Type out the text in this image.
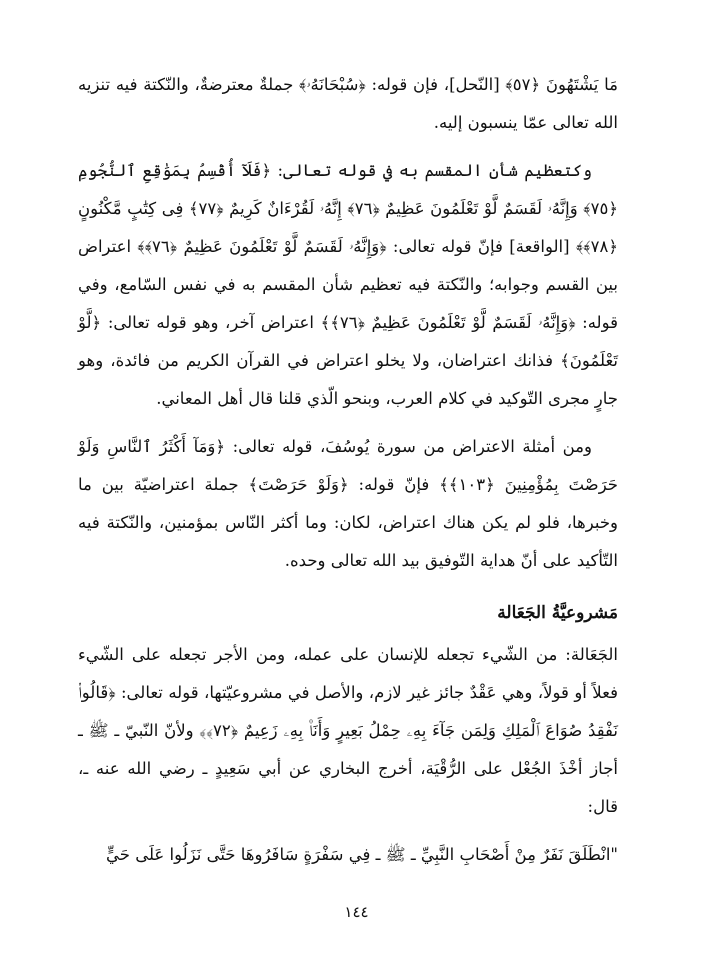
مَا يَشْتَهُونَ ﴿٥٧﴾ [النّحل]، فإن قوله: ﴿سُبْحَانَهُۥ﴾ جملةٌ معترضةٌ، والنّكتة فيه تنزيه الله تعالى عمّا ينسبون إليه.

وكتعظيم شأن المقسم به في قوله تعالى: ﴿فَلَآ أُقْسِمُ بِمَوَٰقِعِ ٱلنُّجُومِ ﴿٧٥﴾ وَإِنَّهُۥ لَقَسَمٌ لَّوْ تَعْلَمُونَ عَظِيمٌ ﴿٧٦﴾ إِنَّهُۥ لَقُرْءَانٌ كَرِيمٌ ﴿٧٧﴾ فِى كِتَٰبٍ مَّكْنُونٍ ﴿٧٨﴾﴾ [الواقعة] فإنّ قوله تعالى: ﴿وَإِنَّهُۥ لَقَسَمٌ لَّوْ تَعْلَمُونَ عَظِيمٌ ﴿٧٦﴾﴾ اعتراض بين القسم وجوابه؛ والنّكتة فيه تعظيم شأن المقسم به في نفس السّامع، وفي قوله: ﴿وَإِنَّهُۥ لَقَسَمٌ لَّوْ تَعْلَمُونَ عَظِيمٌ ﴿٧٦﴾﴾ اعتراض آخر، وهو قوله تعالى: ﴿لَّوْ تَعْلَمُونَ﴾ فذانك اعتراضان، ولا يخلو اعتراض في القرآن الكريم من فائدة، وهو جارٍ مجرى التّوكيد في كلام العرب، وبنحو الّذي قلنا قال أهل المعاني.

ومن أمثلة الاعتراض من سورة يُوسُفَ، قوله تعالى: ﴿وَمَآ أَكْثَرُ ٱلنَّاسِ وَلَوْ حَرَصْتَ بِمُؤْمِنِينَ ﴿١٠٣﴾﴾ فإنّ قوله: ﴿وَلَوْ حَرَصْتَ﴾ جملة اعتراضيّة بين ما وخبرها، فلو لم يكن هناك اعتراض، لكان: وما أكثر النّاس بمؤمنين، والنّكتة فيه التّأكيد على أنّ هداية التّوفيق بيد الله تعالى وحده.

مَشروعيَّةُ الجَعَالة

الجَعَالة: من الشّيء تجعله للإنسان على عمله، ومن الأجر تجعله على الشّيء فعلاً أو قولاً، وهي عَقْدٌ جائز غير لازم، والأصل في مشروعيّتها، قوله تعالى: ﴿قَالُوا۟ نَفْقِدُ صُوَاعَ ٱلْمَلِكِ وَلِمَن جَآءَ بِهِۦ حِمْلُ بَعِيرٍ وَأَنَا۠ بِهِۦ زَعِيمٌ ﴿٧٢﴾﴾ ولأنّ النّبيّ ـ ﷺ ـ أجاز أخْذَ الجُعْل على الرُّقْيَة، أخرج البخاري عن أبي سَعِيدٍ ـ رضي الله عنه ـ، قال:

"انْطَلَقَ نَفَرٌ مِنْ أَصْحَابِ النَّبِيِّ ـ ﷺ ـ فِي سَفْرَةٍ سَافَرُوهَا حَتَّى نَزَلُوا عَلَى حَيٍّ

١٤٤
